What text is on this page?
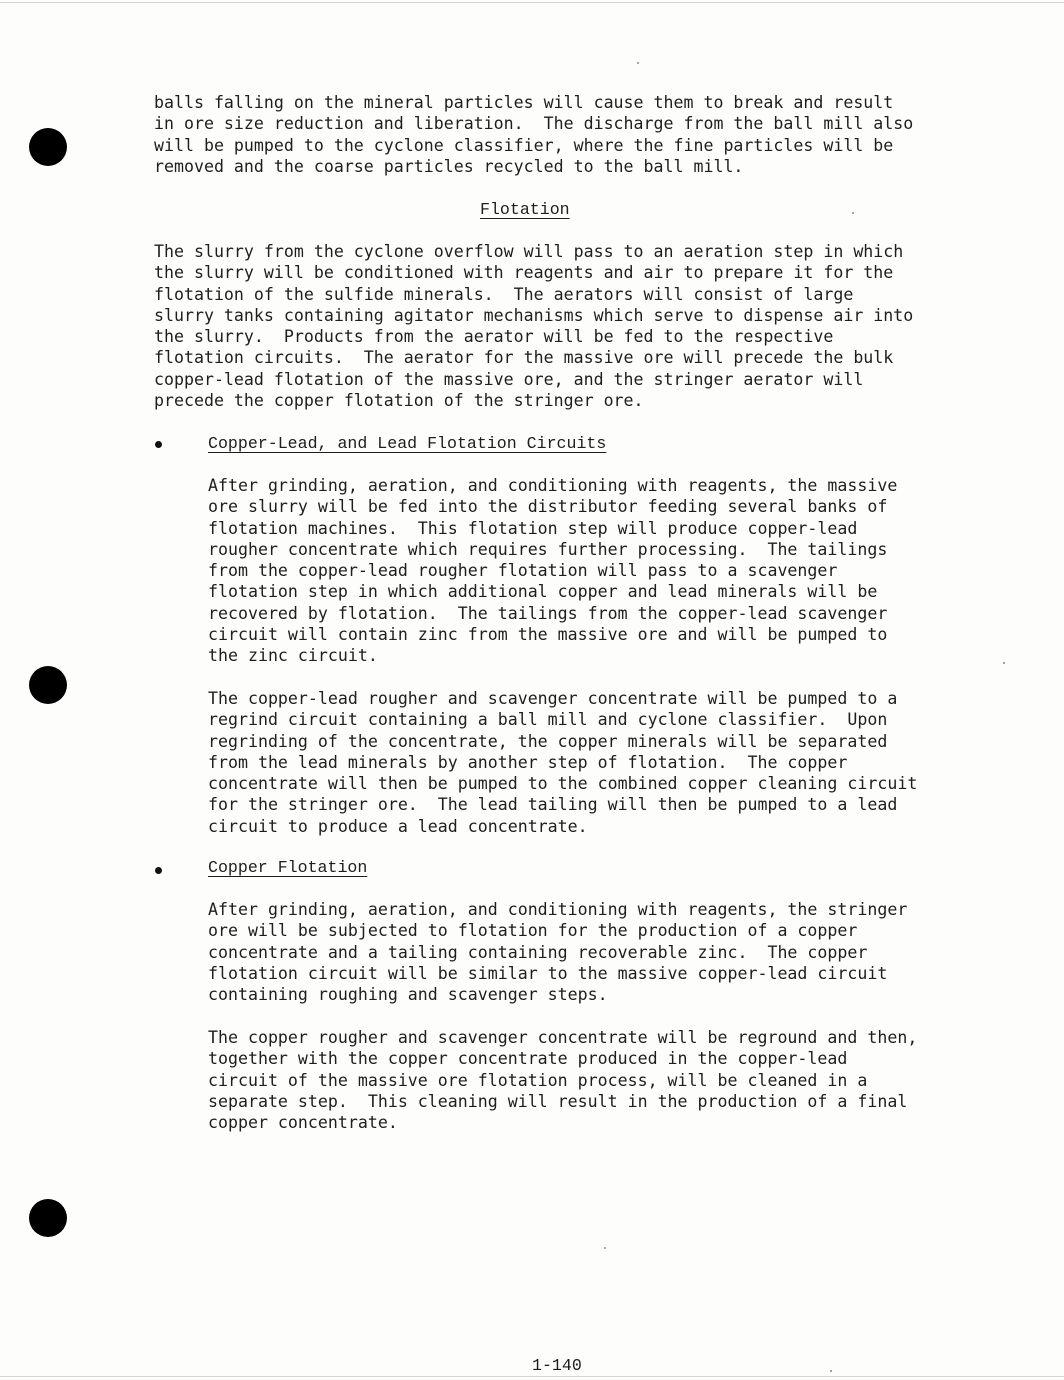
balls falling on the mineral particles will cause them to break and result
in ore size reduction and liberation.  The discharge from the ball mill also
will be pumped to the cyclone classifier, where the fine particles will be
removed and the coarse particles recycled to the ball mill.
Flotation
The slurry from the cyclone overflow will pass to an aeration step in which
the slurry will be conditioned with reagents and air to prepare it for the
flotation of the sulfide minerals.  The aerators will consist of large
slurry tanks containing agitator mechanisms which serve to dispense air into
the slurry.  Products from the aerator will be fed to the respective
flotation circuits.  The aerator for the massive ore will precede the bulk
copper-lead flotation of the massive ore, and the stringer aerator will
precede the copper flotation of the stringer ore.
Copper-Lead, and Lead Flotation Circuits
After grinding, aeration, and conditioning with reagents, the massive
ore slurry will be fed into the distributor feeding several banks of
flotation machines.  This flotation step will produce copper-lead
rougher concentrate which requires further processing.  The tailings
from the copper-lead rougher flotation will pass to a scavenger
flotation step in which additional copper and lead minerals will be
recovered by flotation.  The tailings from the copper-lead scavenger
circuit will contain zinc from the massive ore and will be pumped to
the zinc circuit.
The copper-lead rougher and scavenger concentrate will be pumped to a
regrind circuit containing a ball mill and cyclone classifier.  Upon
regrinding of the concentrate, the copper minerals will be separated
from the lead minerals by another step of flotation.  The copper
concentrate will then be pumped to the combined copper cleaning circuit
for the stringer ore.  The lead tailing will then be pumped to a lead
circuit to produce a lead concentrate.
Copper Flotation
After grinding, aeration, and conditioning with reagents, the stringer
ore will be subjected to flotation for the production of a copper
concentrate and a tailing containing recoverable zinc.  The copper
flotation circuit will be similar to the massive copper-lead circuit
containing roughing and scavenger steps.
The copper rougher and scavenger concentrate will be reground and then,
together with the copper concentrate produced in the copper-lead
circuit of the massive ore flotation process, will be cleaned in a
separate step.  This cleaning will result in the production of a final
copper concentrate.
1-140
